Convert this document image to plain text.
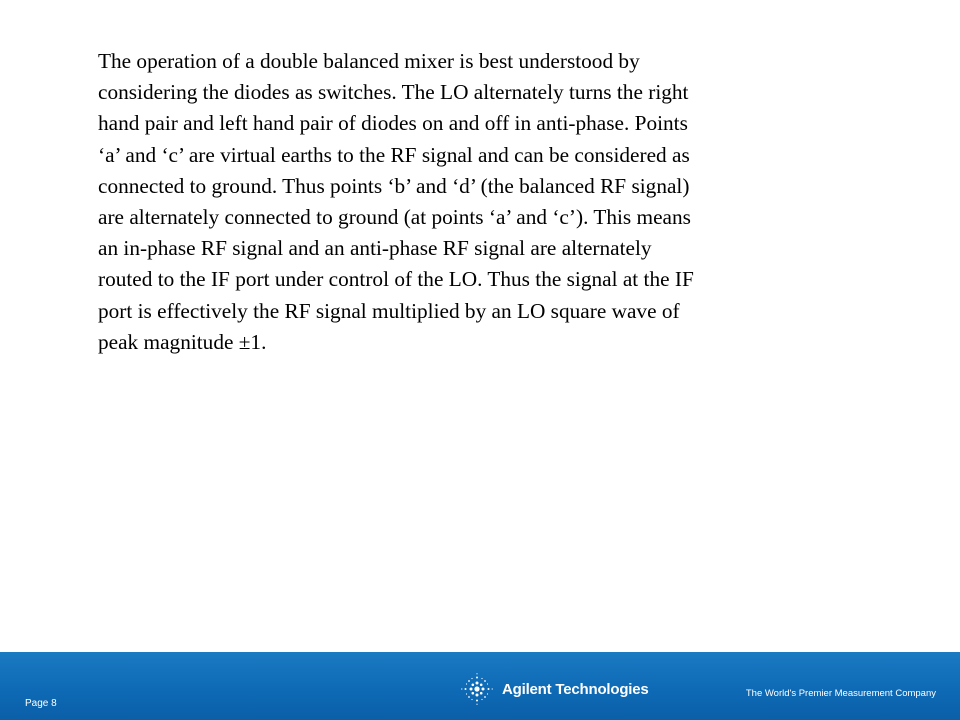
The operation of a double balanced mixer is best understood by
considering the diodes as switches. The LO alternately turns the right
hand pair and left hand pair of diodes on and off in anti-phase. Points
‘a’ and ‘c’ are virtual earths to the RF signal and can be considered as
connected to ground. Thus points ‘b’ and ‘d’ (the balanced RF signal)
are alternately connected to ground (at points ‘a’ and ‘c’). This means
an in-phase RF signal and an anti-phase RF signal are alternately
routed to the IF port under control of the LO. Thus the signal at the IF
port is effectively the RF signal multiplied by an LO square wave of
peak magnitude ±1.

Page 8
Agilent Technologies	The World's Premier Measurement Company
